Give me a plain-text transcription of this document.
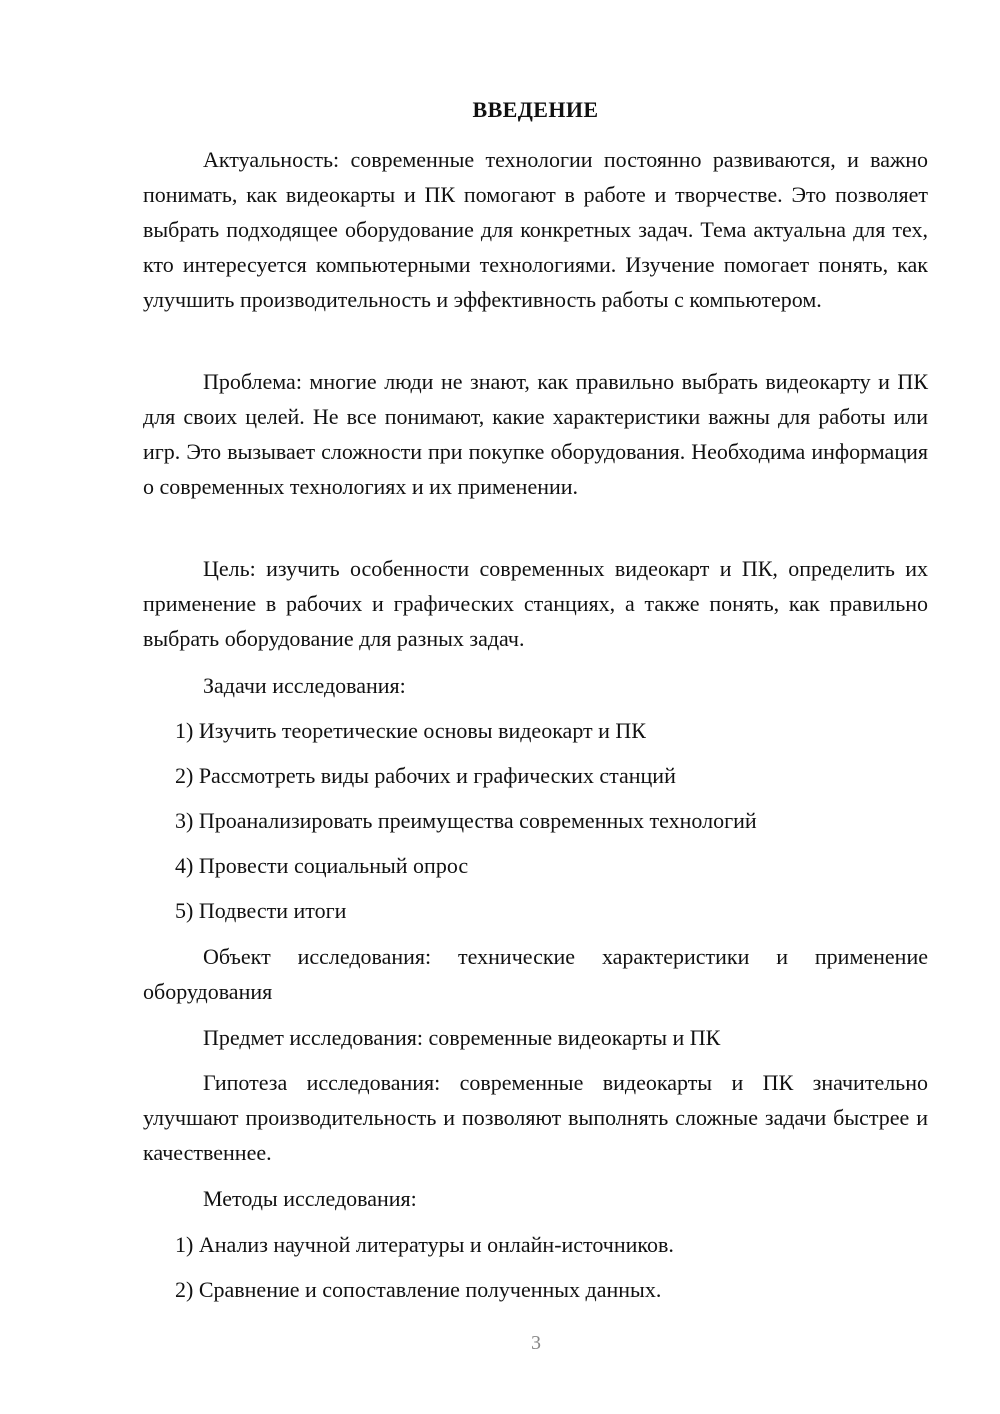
ВВЕДЕНИЕ

Актуальность: современные технологии постоянно развиваются, и важно понимать, как видеокарты и ПК помогают в работе и творчестве. Это позволяет выбрать подходящее оборудование для конкретных задач. Тема актуальна для тех, кто интересуется компьютерными технологиями. Изучение помогает понять, как улучшить производительность и эффективность работы с компьютером.

Проблема: многие люди не знают, как правильно выбрать видеокарту и ПК для своих целей. Не все понимают, какие характеристики важны для работы или игр. Это вызывает сложности при покупке оборудования. Необходима информация о современных технологиях и их применении.

Цель: изучить особенности современных видеокарт и ПК, определить их применение в рабочих и графических станциях, а также понять, как правильно выбрать оборудование для разных задач.

Задачи исследования:
1) Изучить теоретические основы видеокарт и ПК
2) Рассмотреть виды рабочих и графических станций
3) Проанализировать преимущества современных технологий
4) Провести социальный опрос
5) Подвести итоги

Объект исследования: технические характеристики и применение оборудования

Предмет исследования: современные видеокарты и ПК

Гипотеза исследования: современные видеокарты и ПК значительно улучшают производительность и позволяют выполнять сложные задачи быстрее и качественнее.

Методы исследования:
1) Анализ научной литературы и онлайн-источников.
2) Сравнение и сопоставление полученных данных.
3
